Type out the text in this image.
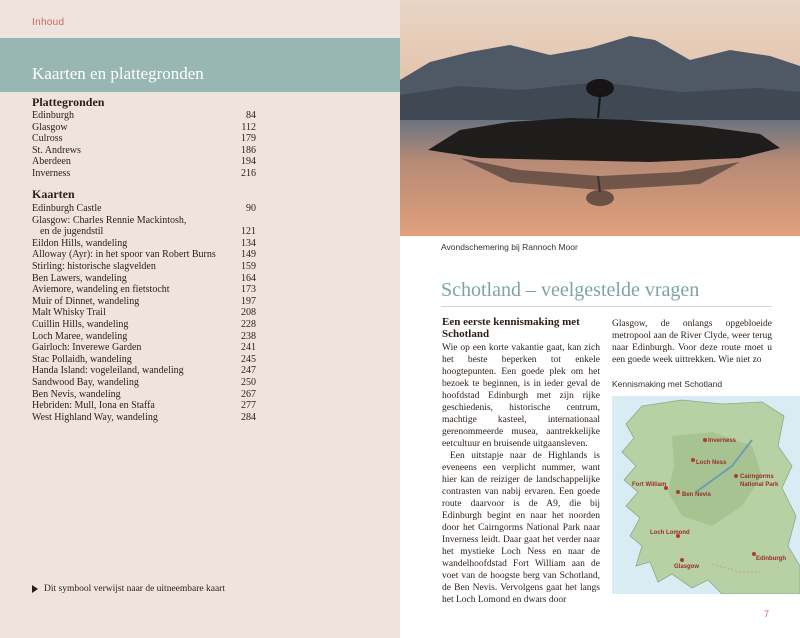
Inhoud
Kaarten en plattegronden
Plattegronden
Edinburgh	84
Glasgow	112
Culross	179
St. Andrews	186
Aberdeen	194
Inverness	216
Kaarten
Edinburgh Castle	90
Glasgow: Charles Rennie Mackintosh,
en de jugendstil	121
Eildon Hills, wandeling	134
Alloway (Ayr): in het spoor van Robert Burns	149
Stirling: historische slagvelden	159
Ben Lawers, wandeling	164
Aviemore, wandeling en fietstocht	173
Muir of Dinnet, wandeling	197
Malt Whisky Trail	208
Cuillin Hills, wandeling	228
Loch Maree, wandeling	238
Gairloch: Inverewe Garden	241
Stac Pollaidh, wandeling	245
Handa Island: vogeleiland, wandeling	247
Sandwood Bay, wandeling	250
Ben Nevis, wandeling	267
Hebriden: Mull, Iona en Staffa	277
West Highland Way, wandeling	284
Dit symbool verwijst naar de uitneembare kaart
Avondschemering bij Rannoch Moor
Schotland – veelgestelde vragen

Een eerste kennismaking met Schotland

Wie op een korte vakantie gaat, kan zich het beste beperken tot enkele hoogtepunten. Een goede plek om het bezoek te beginnen, is in ieder geval de hoofdstad Edinburgh met zijn rijke geschiedenis, historische centrum, machtige kasteel, internationaal gerenommeerde musea, aantrekkelijke eetcultuur en bruisende uitgaansleven.

Een uitstapje naar de Highlands is eveneens een verplicht nummer, want hier kan de reiziger de landschappelijke contrasten van nabij ervaren. Een goede route daarvoor is de A9, die bij Edinburgh begint en naar het noorden door het Cairngorms National Park naar Inverness leidt. Daar gaat het verder naar het mystieke Loch Ness en naar de wandelhoofdstad Fort William aan de voet van de hoogste berg van Schotland, de Ben Nevis. Vervolgens gaat het langs het Loch Lomond en dwars door

Glasgow, de onlangs opgebloeide metropool aan de River Clyde, weer terug naar Edinburgh. Voor deze route moet u een goede week uittrekken. Wie niet zo

Kennismaking met Schotland
Inverness
Loch Ness
Cairngorms
National Park
Fort William
Ben Nevis
Loch Lomond
Edinburgh
Glasgow
7
